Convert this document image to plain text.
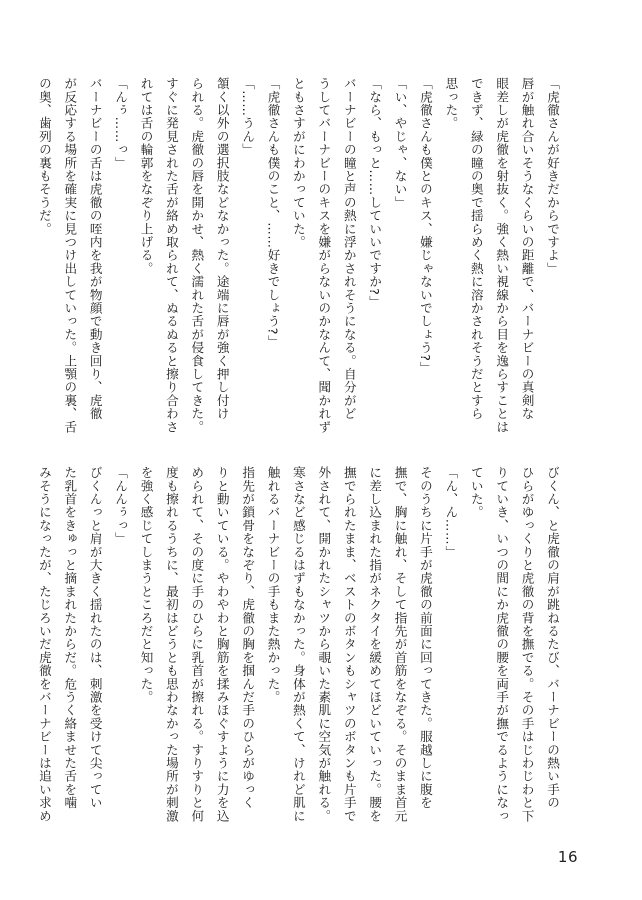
「虎徹さんが好きだからですよ」
唇が触れ合いそうなくらいの距離で、バーナビーの真剣な
眼差しが虎徹を射抜く。強く熱い視線から目を逸らすことは
できず、緑の瞳の奥で揺らめく熱に溶かされそうだとすら
思った。
「虎徹さんも僕とのキス、嫌じゃないでしょう?」
「い、やじゃ、ない」
「なら、もっと……していいですか?」
バーナビーの瞳と声の熱に浮かされそうになる。自分がど
うしてバーナビーのキスを嫌がらないのかなんて、聞かれず
ともさすがにわかっていた。
「虎徹さんも僕のこと、……好きでしょう?」
「……うん」
頷く以外の選択肢などなかった。途端に唇が強く押し付け
られる。虎徹の唇を開かせ、熱く濡れた舌が侵食してきた。
すぐに発見された舌が絡め取られて、ぬるぬると擦り合わさ
れては舌の輪郭をなぞり上げる。
「んぅ……っ」
バーナビーの舌は虎徹の咥内を我が物顔で動き回り、虎徹
が反応する場所を確実に見つけ出していった。上顎の裏、舌
の奥、歯列の裏もそうだ。
びくん、と虎徹の肩が跳ねるたび、バーナビーの熱い手の
ひらがゆっくりと虎徹の背を撫でる。その手はじわじわと下
りていき、いつの間にか虎徹の腰を両手が撫でるようになっ
ていた。
「ん、ん……」
そのうちに片手が虎徹の前面に回ってきた。服越しに腹を
撫で、胸に触れ、そして指先が首筋をなぞる。そのまま首元
に差し込まれた指がネクタイを緩めてほどいていった。腰を
撫でられたまま、ベストのボタンもシャツのボタンも片手で
外されて、開かれたシャツから覗いた素肌に空気が触れる。
寒さなど感じるはずもなかった。身体が熱くて、けれど肌に
触れるバーナビーの手もまた熱かった。
指先が鎖骨をなぞり、虎徹の胸を掴んだ手のひらがゆっく
りと動いている。やわやわと胸筋を揉みほぐすように力を込
められて、その度に手のひらに乳首が擦れる。すりすりと何
度も擦れるうちに、最初はどうとも思わなかった場所が刺激
を強く感じてしまうところだと知った。
「んんぅっ」
びくんっと肩が大きく揺れたのは、刺激を受けて尖ってい
た乳首をきゅっと摘まれたからだ。危うく絡ませた舌を噛
みそうになったが、たじろいだ虎徹をバーナビーは追い求め
16
